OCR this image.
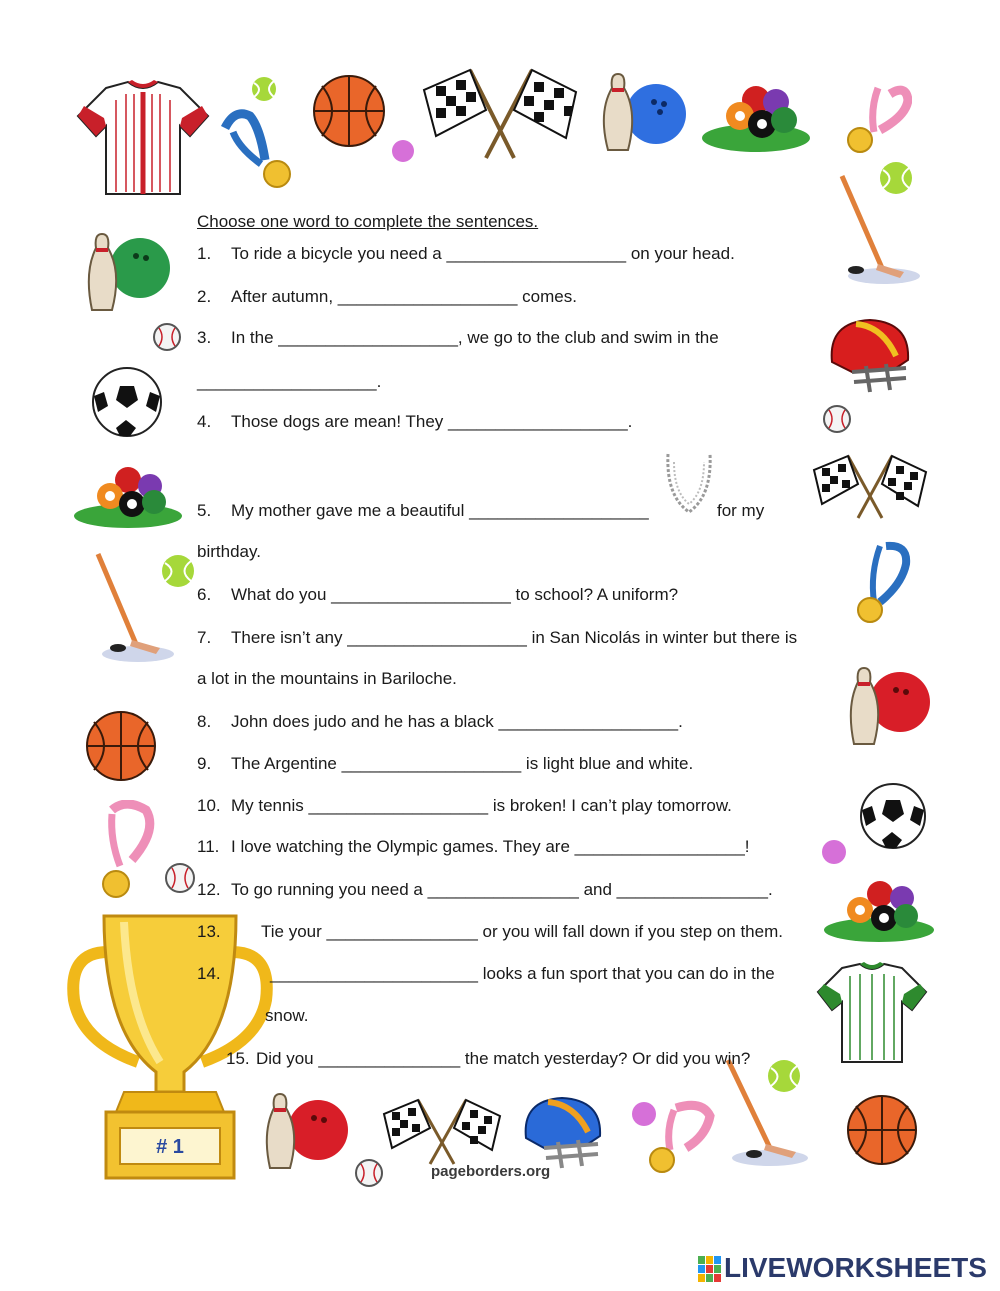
# 1
Choose one word to complete the sentences.
1. To ride a bicycle you need a ___________________ on your head.
2. After autumn, ___________________ comes.
3. In the ___________________, we go to the club and swim in the
___________________.
4. Those dogs are mean! They ___________________.
5. My mother gave me a beautiful ___________________	for my
birthday.
6. What do you ___________________ to school? A uniform?
7. There isn’t any ___________________ in San Nicolás in winter but there is
a lot in the mountains in Bariloche.
8. John does judo and he has a black ___________________.
9. The Argentine ___________________ is light blue and white.
10. My tennis ___________________ is broken! I can’t play tomorrow.
11. I love watching the Olympic games. They are __________________!
12. To go running you need a ________________ and ________________.
13. Tie your ________________ or you will fall down if you step on them.
14.	______________________ looks a fun sport that you can do in the
snow.
15. Did you _______________ the match yesterday? Or did you win?
pageborders.org
LIVEWORKSHEETS
